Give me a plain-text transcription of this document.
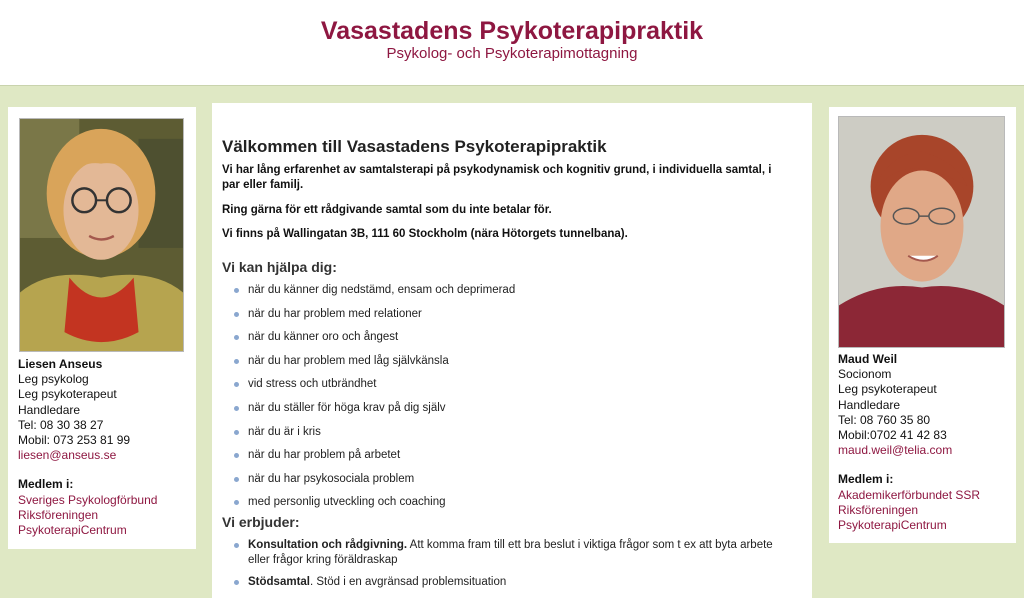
Vasastadens Psykoterapipraktik
Psykolog- och Psykoterapimottagning
Liesen Anseus
Leg psykolog
Leg psykoterapeut
Handledare
Tel: 08 30 38 27
Mobil: 073 253 81 99
liesen@anseus.se
Medlem i:
Sveriges Psykologförbund
Riksföreningen
PsykoterapiCentrum
Välkommen till Vasastadens Psykoterapipraktik
Vi har lång erfarenhet av samtalsterapi på psykodynamisk och kognitiv grund, i individuella samtal, i par eller familj.
Ring gärna för ett rådgivande samtal som du inte betalar för.
Vi finns på Wallingatan 3B, 111 60 Stockholm (nära Hötorgets tunnelbana).
Vi kan hjälpa dig:
när du känner dig nedstämd, ensam och deprimerad
när du har problem med relationer
när du känner oro och ångest
när du har problem med låg självkänsla
vid stress och utbrändhet
när du ställer för höga krav på dig själv
när du är i kris
när du har problem på arbetet
när du har psykosociala problem
med personlig utveckling och coaching
Vi erbjuder:
Konsultation och rådgivning. Att komma fram till ett bra beslut i viktiga frågor som t ex att byta arbete eller frågor kring föräldraskap
Stödsamtal. Stöd i en avgränsad problemsituation
Maud Weil
Socionom
Leg psykoterapeut
Handledare
Tel: 08 760 35 80
Mobil:0702 41 42 83
maud.weil@telia.com
Medlem i:
Akademikerförbundet SSR
Riksföreningen
PsykoterapiCentrum
